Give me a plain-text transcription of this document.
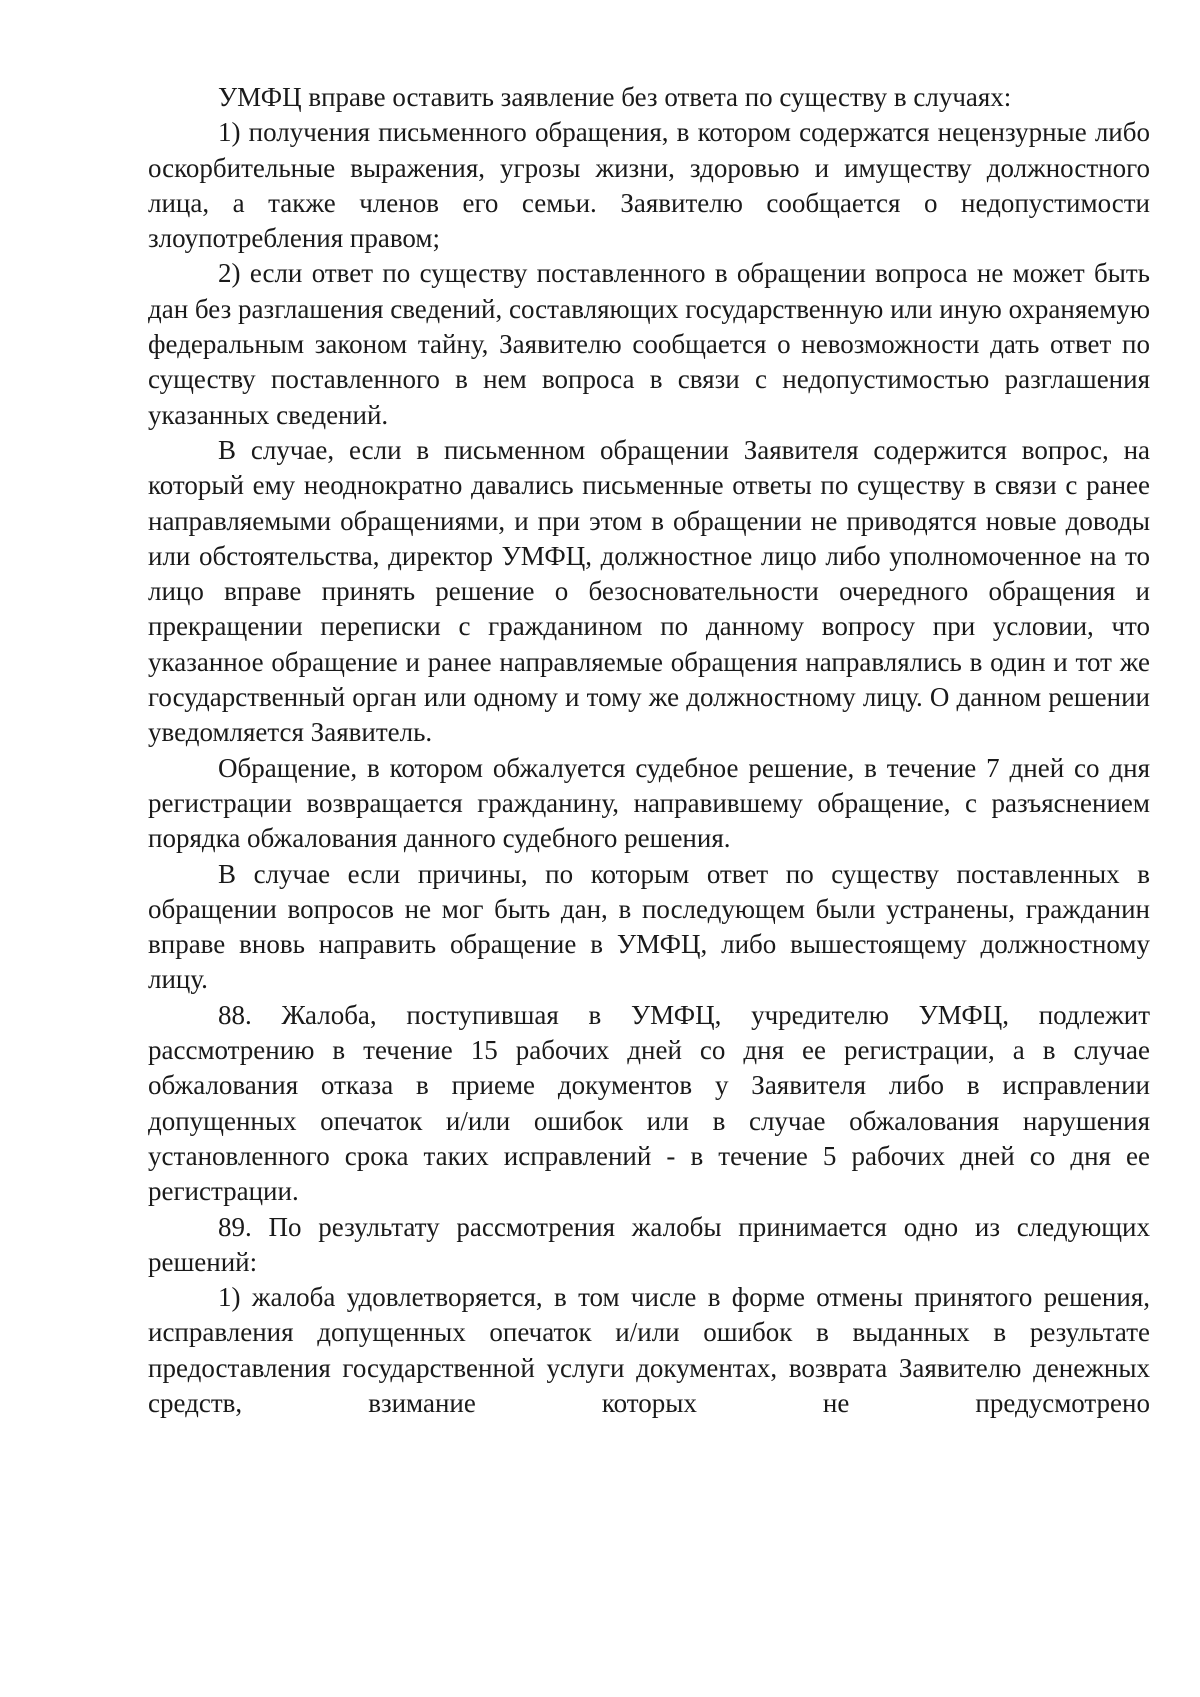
УМФЦ вправе оставить заявление без ответа по существу в случаях:

1) получения письменного обращения, в котором содержатся нецензурные либо оскорбительные выражения, угрозы жизни, здоровью и имуществу должностного лица, а также членов его семьи. Заявителю сообщается о недопустимости злоупотребления правом;

2) если ответ по существу поставленного в обращении вопроса не может быть дан без разглашения сведений, составляющих государственную или иную охраняемую федеральным законом тайну, Заявителю сообщается о невозможности дать ответ по существу поставленного в нем вопроса в связи с недопустимостью разглашения указанных сведений.

В случае, если в письменном обращении Заявителя содержится вопрос, на который ему неоднократно давались письменные ответы по существу в связи с ранее направляемыми обращениями, и при этом в обращении не приводятся новые доводы или обстоятельства, директор УМФЦ, должностное лицо либо уполномоченное на то лицо вправе принять решение о безосновательности очередного обращения и прекращении переписки с гражданином по данному вопросу при условии, что указанное обращение и ранее направляемые обращения направлялись в один и тот же государственный орган или одному и тому же должностному лицу. О данном решении уведомляется Заявитель.

Обращение, в котором обжалуется судебное решение, в течение 7 дней со дня регистрации возвращается гражданину, направившему обращение, с разъяснением порядка обжалования данного судебного решения.

В случае если причины, по которым ответ по существу поставленных в обращении вопросов не мог быть дан, в последующем были устранены, гражданин вправе вновь направить обращение в УМФЦ, либо вышестоящему должностному лицу.

88. Жалоба, поступившая в УМФЦ, учредителю УМФЦ, подлежит рассмотрению в течение 15 рабочих дней со дня ее регистрации, а в случае обжалования отказа в приеме документов у Заявителя либо в исправлении допущенных опечаток и/или ошибок или в случае обжалования нарушения установленного срока таких исправлений - в течение 5 рабочих дней со дня ее регистрации.

89. По результату рассмотрения жалобы принимается одно из следующих решений:

1) жалоба удовлетворяется, в том числе в форме отмены принятого решения, исправления допущенных опечаток и/или ошибок в выданных в результате предоставления государственной услуги документах, возврата Заявителю денежных средств, взимание которых не предусмотрено
